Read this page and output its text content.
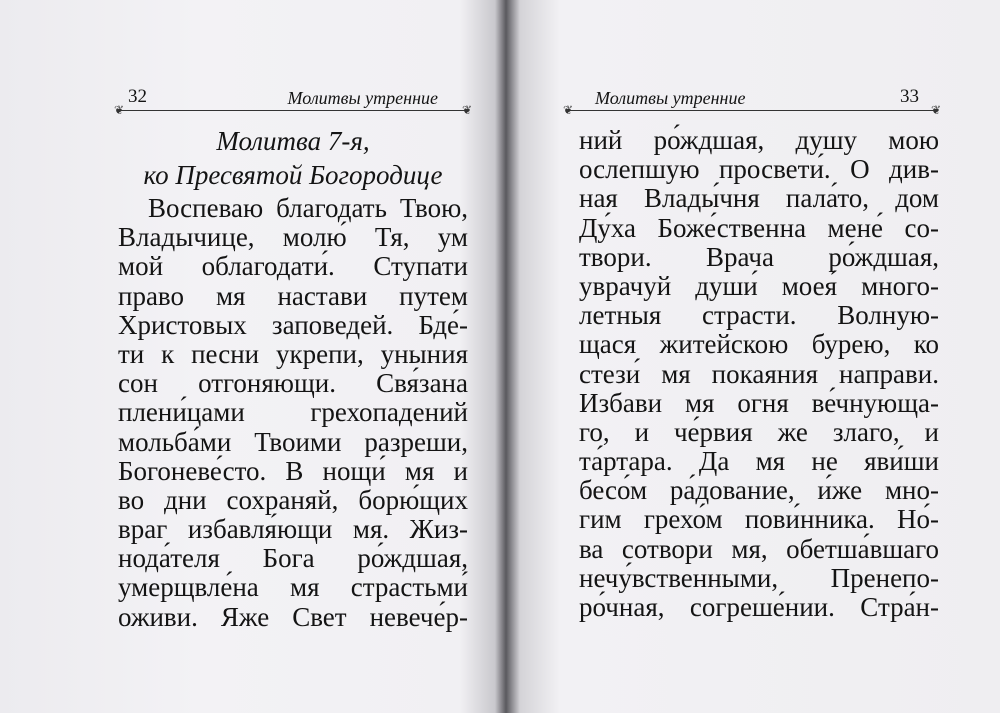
32	Молитвы утренние
❦	❦
Молитва 7-я,
ко Пресвятой Богородице
Воспеваю благодать Твою,
Владычице, молю́ Тя, ум
мой облагодати́. Ступати
право мя настави путем
Христовых заповедей. Бде́-
ти к песни укрепи, уныния
сон отгоняющи. Свя́зана
плени́цами грехопадений
мольба́ми Твоими разреши,
Богоневе́сто. В нощи́ мя и
во дни сохраняй, борю́щих
враг избавля́ющи мя. Жиз-
нода́теля Бога ро́ждшая,
умерщвле́на мя страстьми́
оживи. Яже Свет невече́р-
Молитвы утренние	33
❦	❦
ний ро́ждшая, душу мою
ослепшую просвети́. О див-
ная Влады́чня пала́то, дом
Ду́ха Боже́ственна мене́ со-
твори. Врача ро́ждшая,
уврачуй души́ моея́ много-
летныя страсти. Волную-
щася житейскою бурею, ко
стези́ мя покаяния направи.
Избави мя огня ве́чнующа-
го, и че́рвия же злаго, и
та́ртара. Да мя не яви́ши
бесо́м ра́дование, и́же мно-
гим грехо́м пови́нника. Но́-
ва сотвори мя, обетша́вшаго
нечу́вственными, Пренепо-
ро́чная, согреше́нии. Стра́н-
